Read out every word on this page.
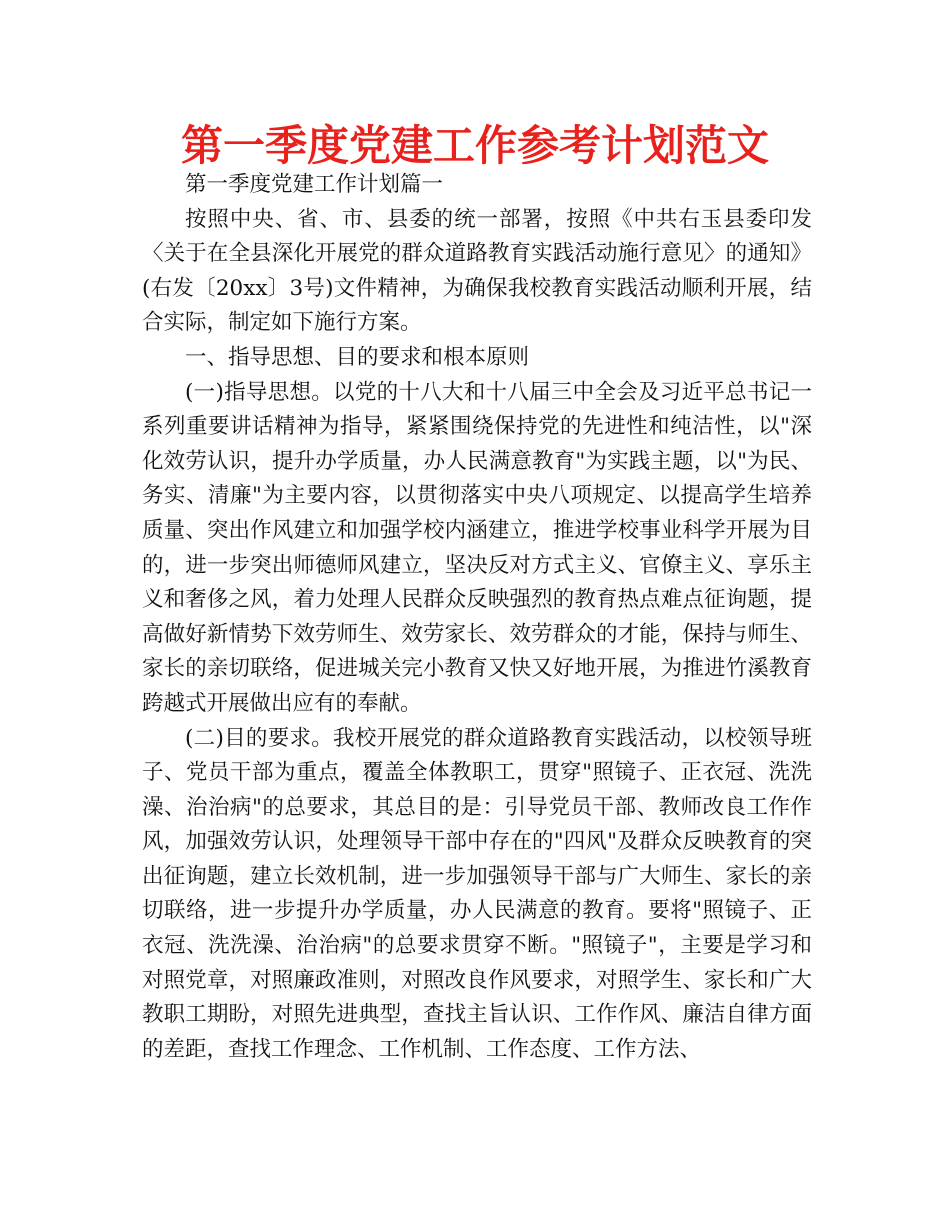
第一季度党建工作参考计划范文

第一季度党建工作计划篇一

按照中央、省、市、县委的统一部署，按照《中共右玉县委印发〈关于在全县深化开展党的群众道路教育实践活动施行意见〉的通知》(右发〔20xx〕3号)文件精神，为确保我校教育实践活动顺利开展，结合实际，制定如下施行方案。

一、指导思想、目的要求和根本原则

(一)指导思想。以党的十八大和十八届三中全会及习近平总书记一系列重要讲话精神为指导，紧紧围绕保持党的先进性和纯洁性，以"深化效劳认识，提升办学质量，办人民满意教育"为实践主题，以"为民、务实、清廉"为主要内容，以贯彻落实中央八项规定、以提高学生培养质量、突出作风建立和加强学校内涵建立，推进学校事业科学开展为目的，进一步突出师德师风建立，坚决反对方式主义、官僚主义、享乐主义和奢侈之风，着力处理人民群众反映强烈的教育热点难点征询题，提高做好新情势下效劳师生、效劳家长、效劳群众的才能，保持与师生、家长的亲切联络，促进城关完小教育又快又好地开展，为推进竹溪教育跨越式开展做出应有的奉献。

(二)目的要求。我校开展党的群众道路教育实践活动，以校领导班子、党员干部为重点，覆盖全体教职工，贯穿"照镜子、正衣冠、洗洗澡、治治病"的总要求，其总目的是：引导党员干部、教师改良工作作风，加强效劳认识，处理领导干部中存在的"四风"及群众反映教育的突出征询题，建立长效机制，进一步加强领导干部与广大师生、家长的亲切联络，进一步提升办学质量，办人民满意的教育。要将"照镜子、正衣冠、洗洗澡、治治病"的总要求贯穿不断。"照镜子"，主要是学习和对照党章，对照廉政准则，对照改良作风要求，对照学生、家长和广大教职工期盼，对照先进典型，查找主旨认识、工作作风、廉洁自律方面的差距，查找工作理念、工作机制、工作态度、工作方法、
